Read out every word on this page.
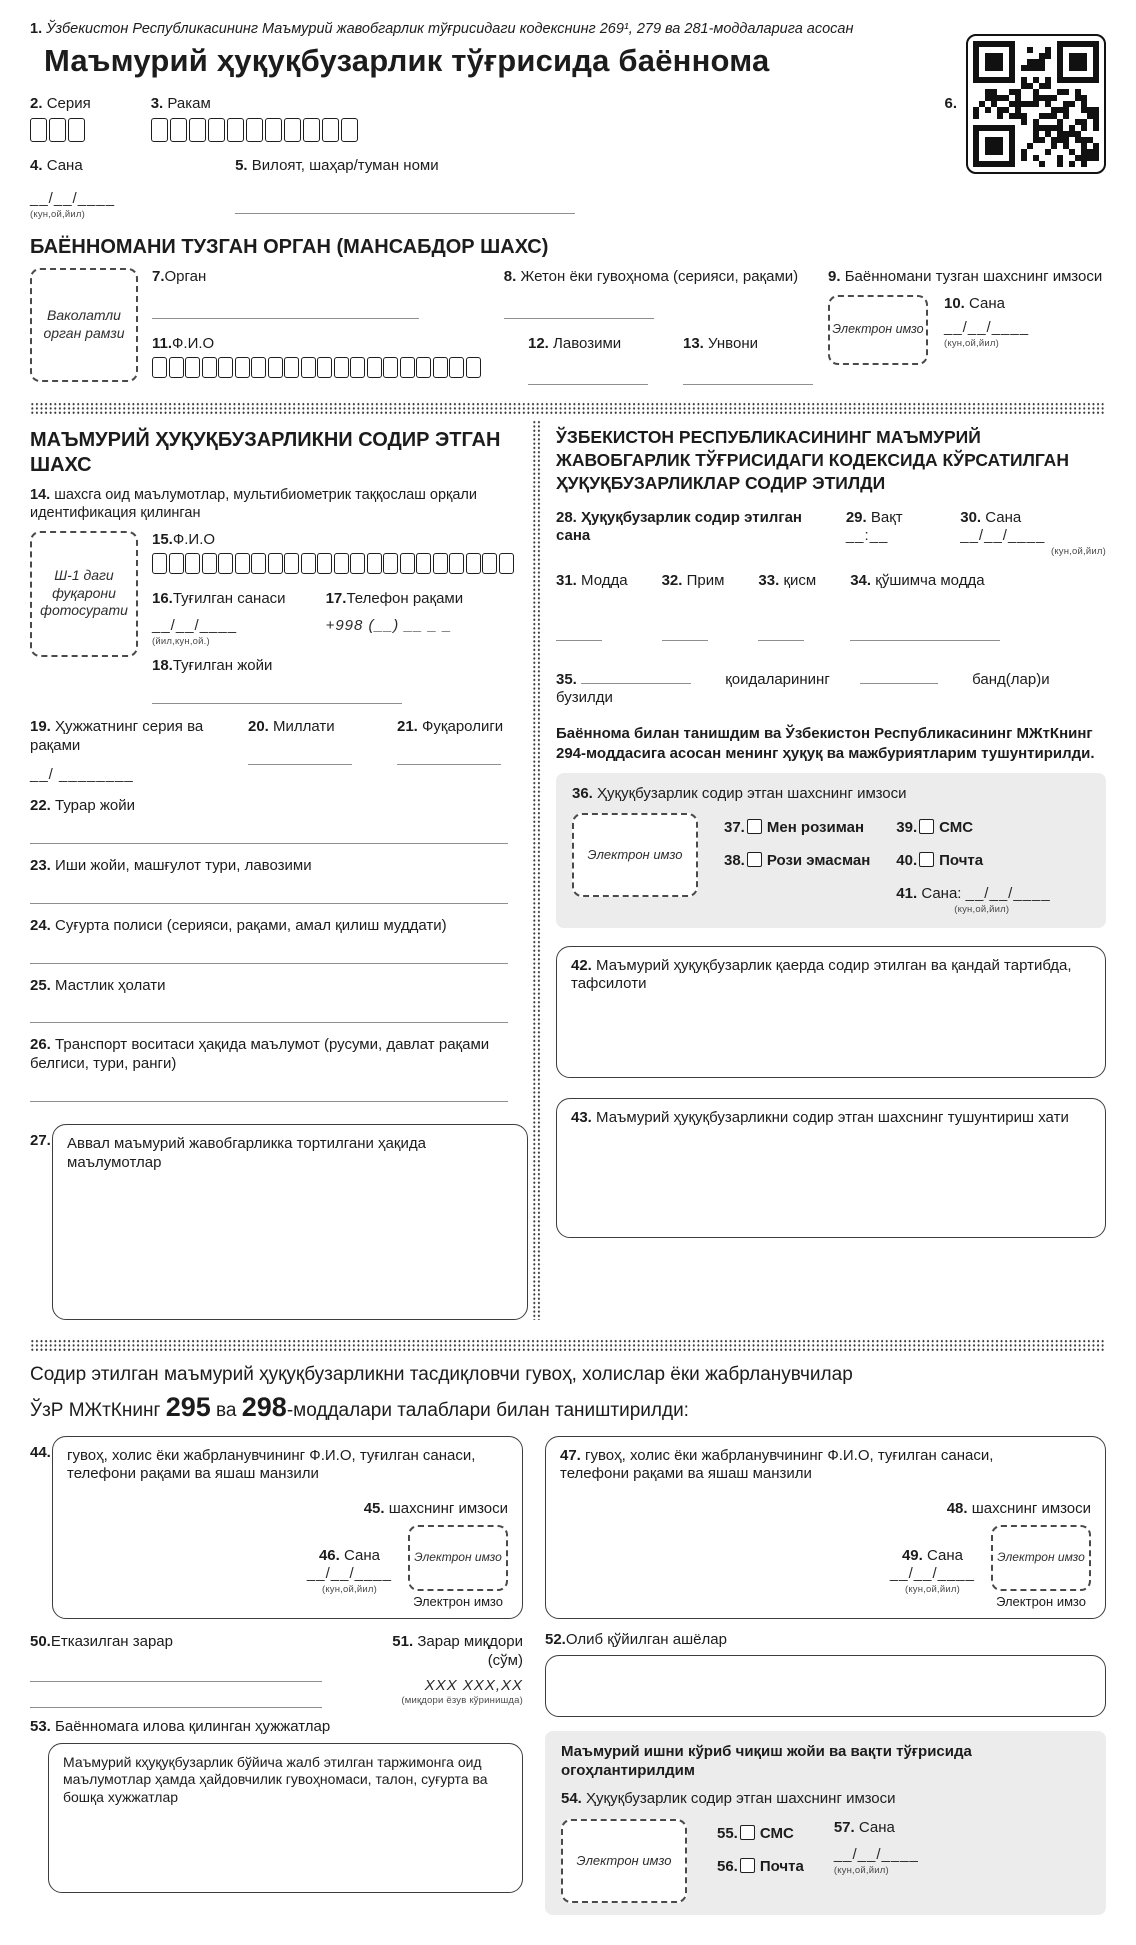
6.
1. Ўзбекистон Республикасининг Маъмурий жавобгарлик тўғрисидаги кодекснинг 269¹, 279 ва 281-моддаларига асосан
Маъмурий ҳуқуқбузарлик тўғрисида баённома
2. Серия	3. Ракам
4. Сана
__/__/____
(кун,ой,йил)
5. Вилоят, шаҳар/туман номи
БАЁННОМАНИ ТУЗГАН ОРГАН (МАНСАБДОР ШАХС)
Ваколатли орган рамзи
7.Орган	8. Жетон ёки гувоҳнома (серияси, рақами)
11.Ф.И.О	12. Лавозими	13. Унвони
9. Баённомани тузган шахснинг имзоси
Электрон имзо
10. Сана
__/__/____
(кун,ой,йил)
МАЪМУРИЙ ҲУҚУҚБУЗАРЛИКНИ СОДИР ЭТГАН ШАХС
14. шахсга оид маълумотлар, мультибиометрик таққослаш орқали идентификация қилинган
Ш-1 даги фуқарони фотосурати
15.Ф.И.О
16.Туғилган санаси
__/__/____
(йил,кун,ой.)
17.Телефон рақами
+998 (__) __ _ _
18.Туғилган жойи
19. Ҳужжатнинг серия ва рақами
__/ ________
20. Миллати	21. Фуқаролиги
22. Турар жойи
23. Иши жойи, машғулот тури, лавозими
24. Суғурта полиси (серияси, рақами, амал қилиш муддати)
25. Мастлик ҳолати
26. Транспорт воситаси ҳақида маълумот (русуми, давлат рақами белгиси, тури, ранги)
27.	Аввал маъмурий жавобгарликка тортилгани ҳақида маълумотлар
ЎЗБЕКИСТОН РЕСПУБЛИКАСИНИНГ МАЪМУРИЙ ЖАВОБГАРЛИК ТЎҒРИСИДАГИ КОДЕКСИДА КЎРСАТИЛГАН ҲУҚУҚБУЗАРЛИКЛАР СОДИР ЭТИЛДИ
28. Ҳуқуқбузарлик содир этилган сана
29. Вақт __:__
30. Сана __/__/____
(кун,ой,йил)
31. Модда 32. Прим 33. қисм 34. қўшимча модда
35.	қоидаларининг	банд(лар)и бузилди
Баённома билан танишдим ва Ўзбекистон Республикасининг МЖтКнинг 294-моддасига асосан менинг ҳуқуқ ва мажбуриятларим тушунтирилди.
36. Ҳуқуқбузарлик содир этган шахснинг имзоси
Электрон имзо
37. Мен розиман
38. Рози эмасман
39. СМС
40. Почта
41. Сана: __/__/____
(кун,ой,йил)
42. Маъмурий ҳуқуқбузарлик қаерда содир этилган ва қандай тартибда, тафсилоти
43. Маъмурий ҳуқуқбузарликни содир этган шахснинг тушунтириш хати
Содир этилган маъмурий ҳуқуқбузарликни тасдиқловчи гувоҳ, холислар ёки жабрланувчилар
ЎзР МЖтКнинг 295 ва 298-моддалари талаблари билан таништирилди:
44. гувоҳ, холис ёки жабрланувчининг Ф.И.О, туғилган санаси, телефони рақами ва яшаш манзили
45. шахснинг имзоси
46. Сана
__/__/____
(кун,ой,йил)
Электрон имзо
Электрон имзо
50.Етказилган зарар	51. Зарар миқдори (сўм)
XXX XXX,XX
(миқдори ёзув кўринишда)
53. Баённомага илова қилинган ҳужжатлар
Маъмурий кҳуқуқбузарлик бўйича жалб этилган таржимонга оид маълумотлар ҳамда ҳайдовчилик гувоҳномаси, талон, суғурта ва бошқа хужжатлар
47. гувоҳ, холис ёки жабрланувчининг Ф.И.О, туғилган санаси, телефони рақами ва яшаш манзили
48. шахснинг имзоси
49. Сана
__/__/____
(кун,ой,йил)
Электрон имзо
Электрон имзо
52.Олиб қўйилган ашёлар
Маъмурий ишни кўриб чиқиш жойи ва вақти тўғрисида огоҳлантирилдим
54. Ҳуқуқбузарлик содир этган шахснинг имзоси
Электрон имзо
55. СМС
56. Почта
57. Сана
__/__/____
(кун,ой,йил)
